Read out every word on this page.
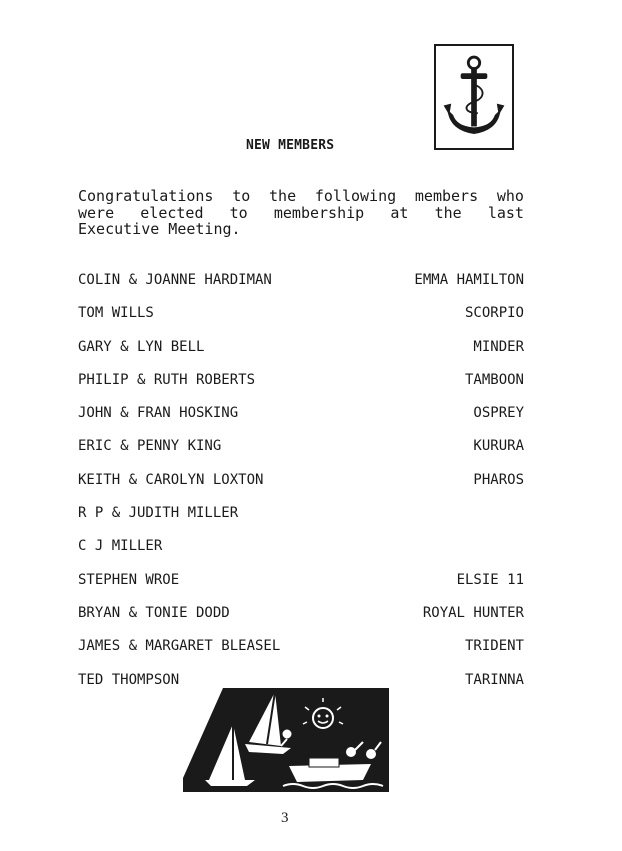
NEW MEMBERS
Congratulations to the following members who
were elected to membership at the last
Executive Meeting.
COLIN & JOANNE HARDIMAN	EMMA HAMILTON
TOM WILLS	SCORPIO
GARY & LYN BELL	MINDER
PHILIP & RUTH ROBERTS	TAMBOON
JOHN & FRAN HOSKING	OSPREY
ERIC & PENNY KING	KURURA
KEITH & CAROLYN LOXTON	PHAROS
R P & JUDITH MILLER
C J MILLER
STEPHEN WROE	ELSIE 11
BRYAN & TONIE DODD	ROYAL HUNTER
JAMES & MARGARET BLEASEL	TRIDENT
TED THOMPSON	TARINNA
3
